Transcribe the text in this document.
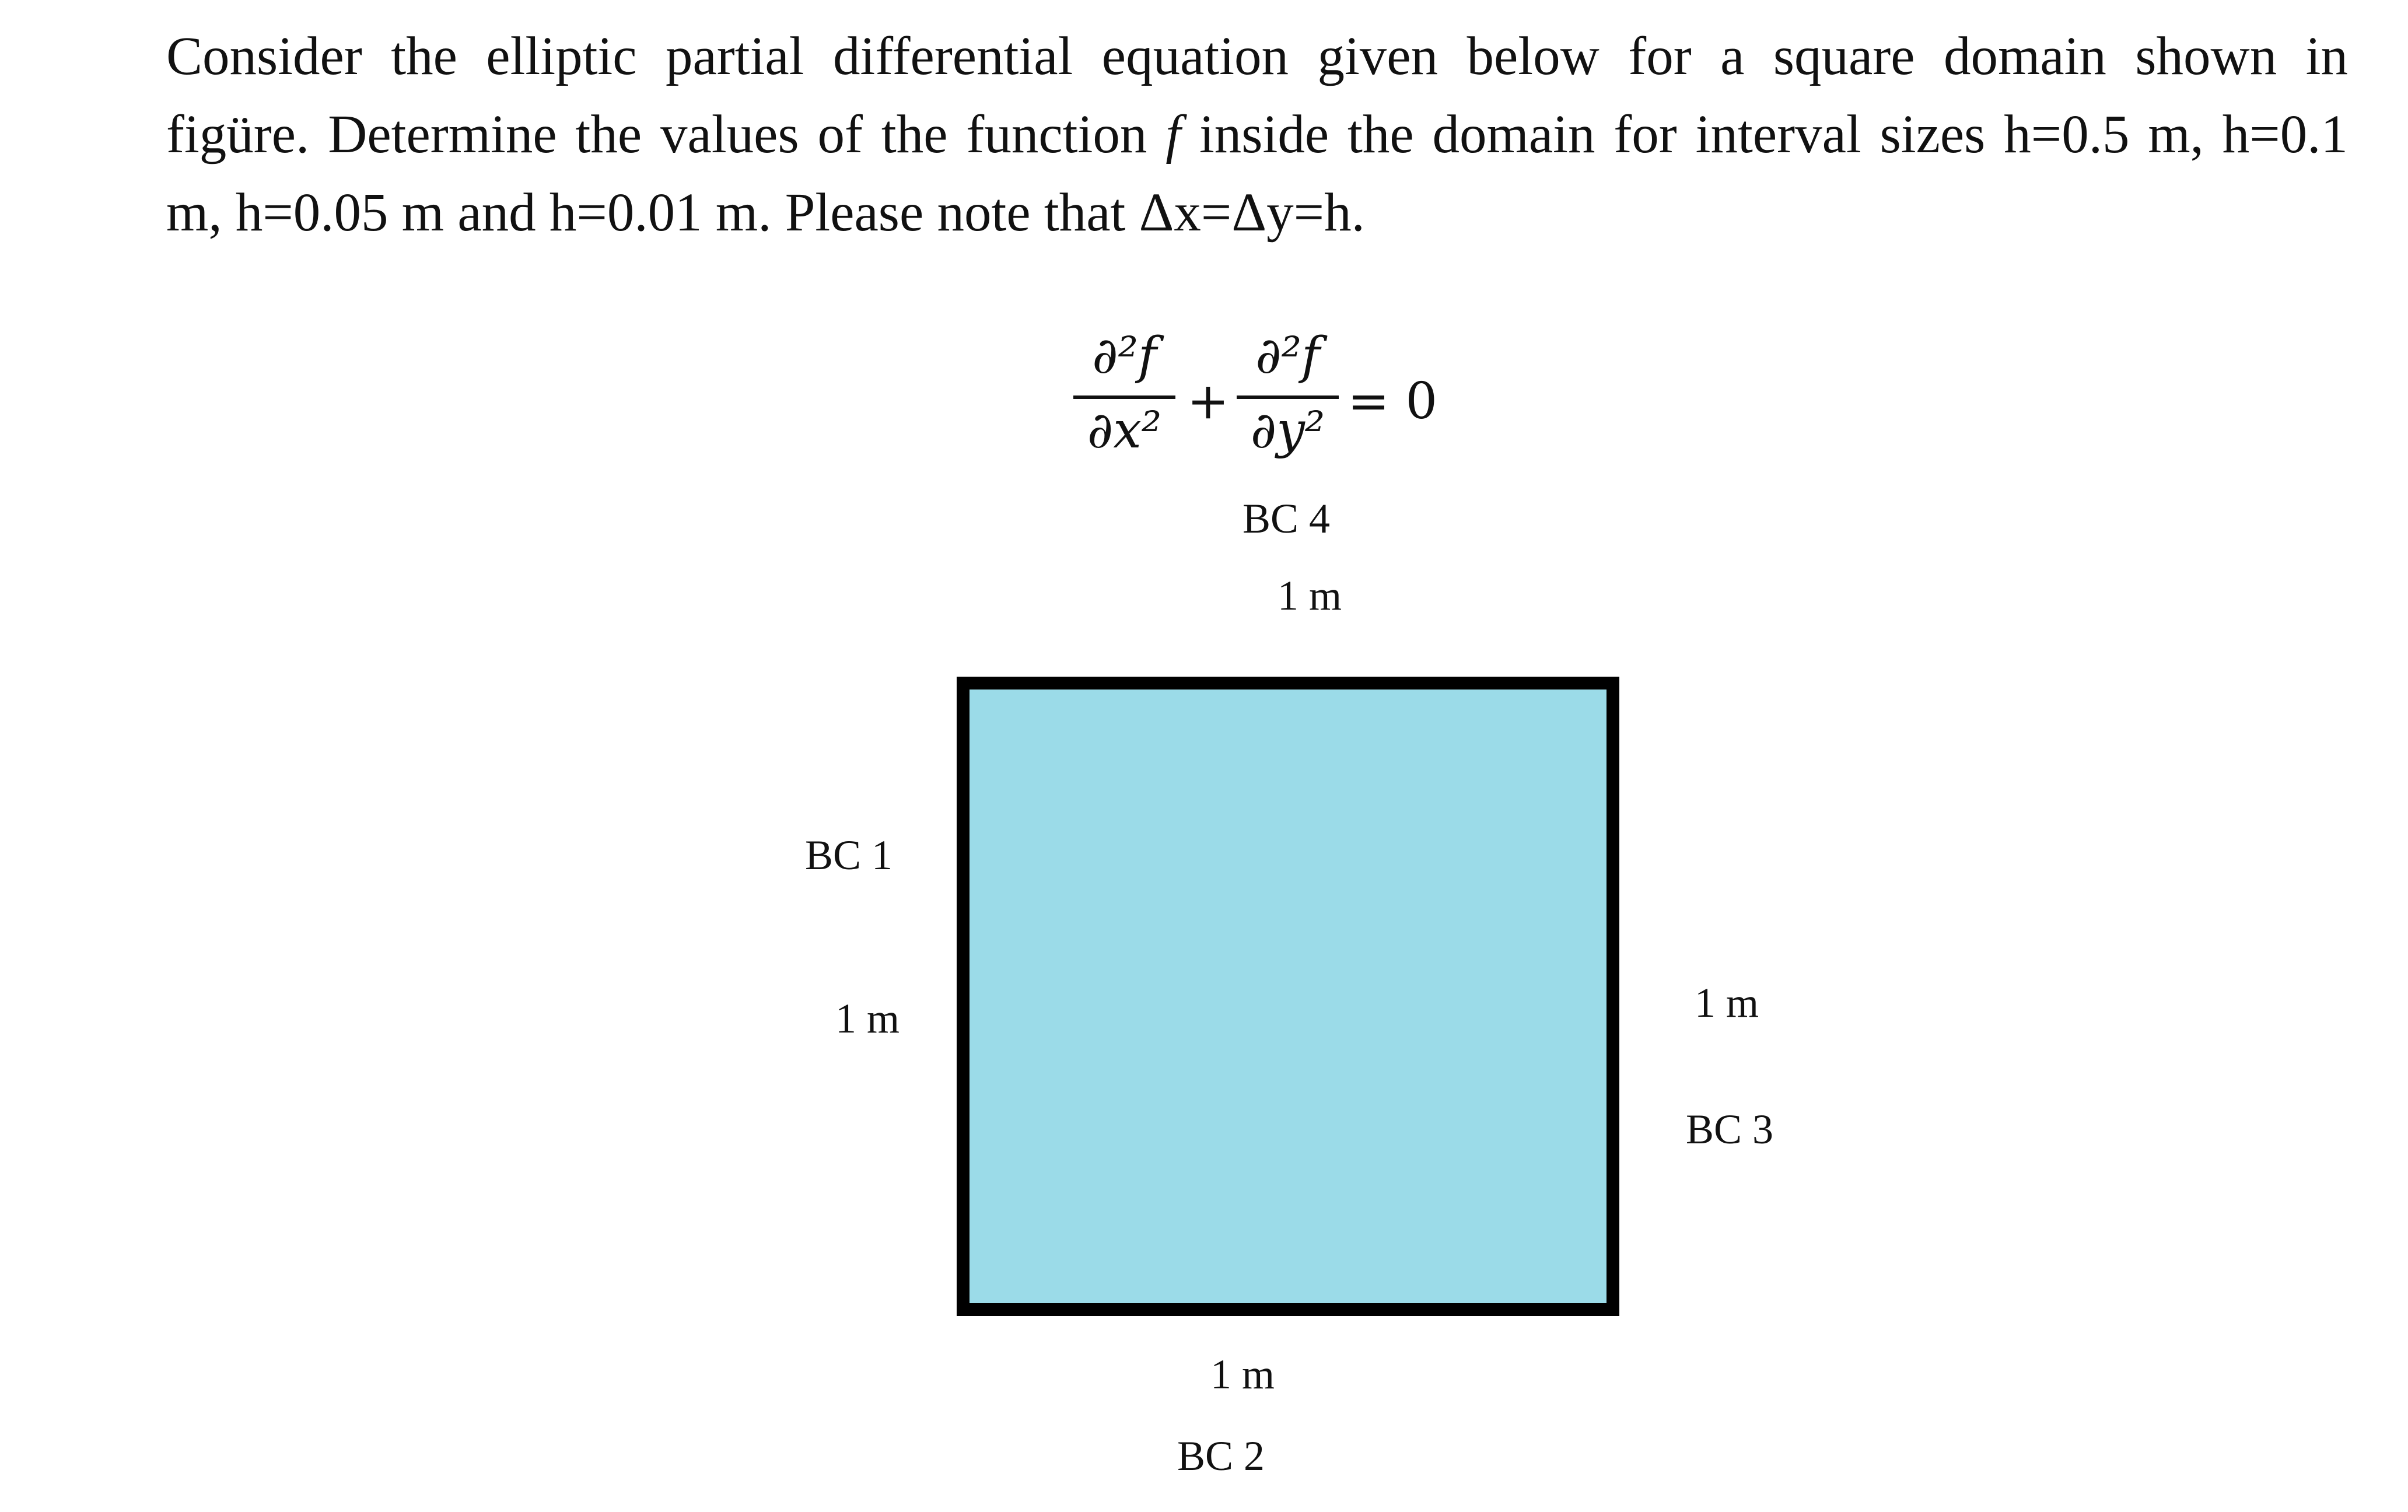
Consider the elliptic partial differential equation given below for a square domain shown in
figüre. Determine the values of the function f inside the domain for interval sizes h=0.5 m, h=0.1
m, h=0.05 m and h=0.01 m. Please note that Δx=Δy=h.
∂²f
∂x² +
∂²f
∂y² = 0
BC 4
1 m
BC 1
1 m	1 m
BC 3
1 m
BC 2
